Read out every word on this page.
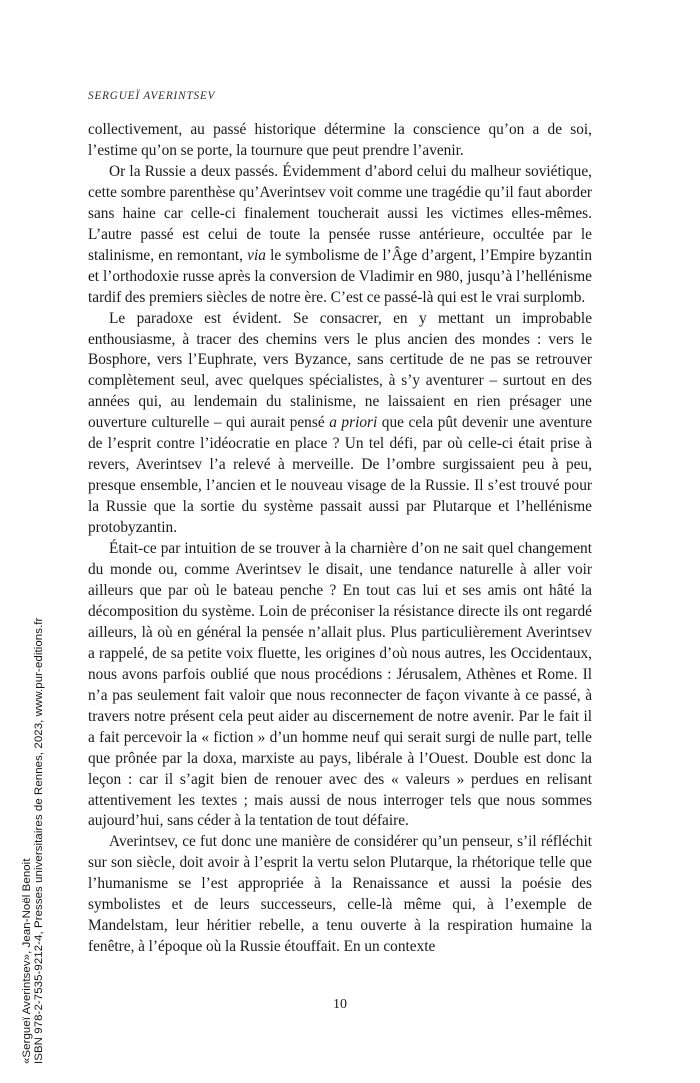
«Sergueï Averintsev», Jean-Noël Benoit ISBN 978-2-7535-9212-4, Presses universitaires de Rennes, 2023, www.pur-editions.fr
SERGUEÏ AVERINTSEV

collectivement, au passé historique détermine la conscience qu’on a de soi, l’estime qu’on se porte, la tournure que peut prendre l’avenir.

Or la Russie a deux passés. Évidemment d’abord celui du malheur soviétique, cette sombre parenthèse qu’Averintsev voit comme une tragédie qu’il faut aborder sans haine car celle-ci finalement toucherait aussi les victimes elles-mêmes. L’autre passé est celui de toute la pensée russe antérieure, occultée par le stalinisme, en remontant, via le symbolisme de l’Âge d’argent, l’Empire byzantin et l’orthodoxie russe après la conversion de Vladimir en 980, jusqu’à l’hellénisme tardif des premiers siècles de notre ère. C’est ce passé-là qui est le vrai surplomb.

Le paradoxe est évident. Se consacrer, en y mettant un improbable enthousiasme, à tracer des chemins vers le plus ancien des mondes : vers le Bosphore, vers l’Euphrate, vers Byzance, sans certitude de ne pas se retrouver complètement seul, avec quelques spécialistes, à s’y aventurer – surtout en des années qui, au lendemain du stalinisme, ne laissaient en rien présager une ouverture culturelle – qui aurait pensé a priori que cela pût devenir une aventure de l’esprit contre l’idéocratie en place ? Un tel défi, par où celle-ci était prise à revers, Averintsev l’a relevé à merveille. De l’ombre surgissaient peu à peu, presque ensemble, l’ancien et le nouveau visage de la Russie. Il s’est trouvé pour la Russie que la sortie du système passait aussi par Plutarque et l’hellénisme protobyzantin.

Était-ce par intuition de se trouver à la charnière d’on ne sait quel changement du monde ou, comme Averintsev le disait, une tendance naturelle à aller voir ailleurs que par où le bateau penche ? En tout cas lui et ses amis ont hâté la décomposition du système. Loin de préconiser la résistance directe ils ont regardé ailleurs, là où en général la pensée n’allait plus. Plus particulièrement Averintsev a rappelé, de sa petite voix fluette, les origines d’où nous autres, les Occidentaux, nous avons parfois oublié que nous procédions : Jérusalem, Athènes et Rome. Il n’a pas seulement fait valoir que nous reconnecter de façon vivante à ce passé, à travers notre présent cela peut aider au discernement de notre avenir. Par le fait il a fait percevoir la « fiction » d’un homme neuf qui serait surgi de nulle part, telle que prônée par la doxa, marxiste au pays, libérale à l’Ouest. Double est donc la leçon : car il s’agit bien de renouer avec des « valeurs » perdues en relisant attentivement les textes ; mais aussi de nous interroger tels que nous sommes aujourd’hui, sans céder à la tentation de tout défaire.

Averintsev, ce fut donc une manière de considérer qu’un penseur, s’il réfléchit sur son siècle, doit avoir à l’esprit la vertu selon Plutarque, la rhétorique telle que l’humanisme se l’est appropriée à la Renaissance et aussi la poésie des symbolistes et de leurs successeurs, celle-là même qui, à l’exemple de Mandelstam, leur héritier rebelle, a tenu ouverte à la respiration humaine la fenêtre, à l’époque où la Russie étouffait. En un contexte

10
